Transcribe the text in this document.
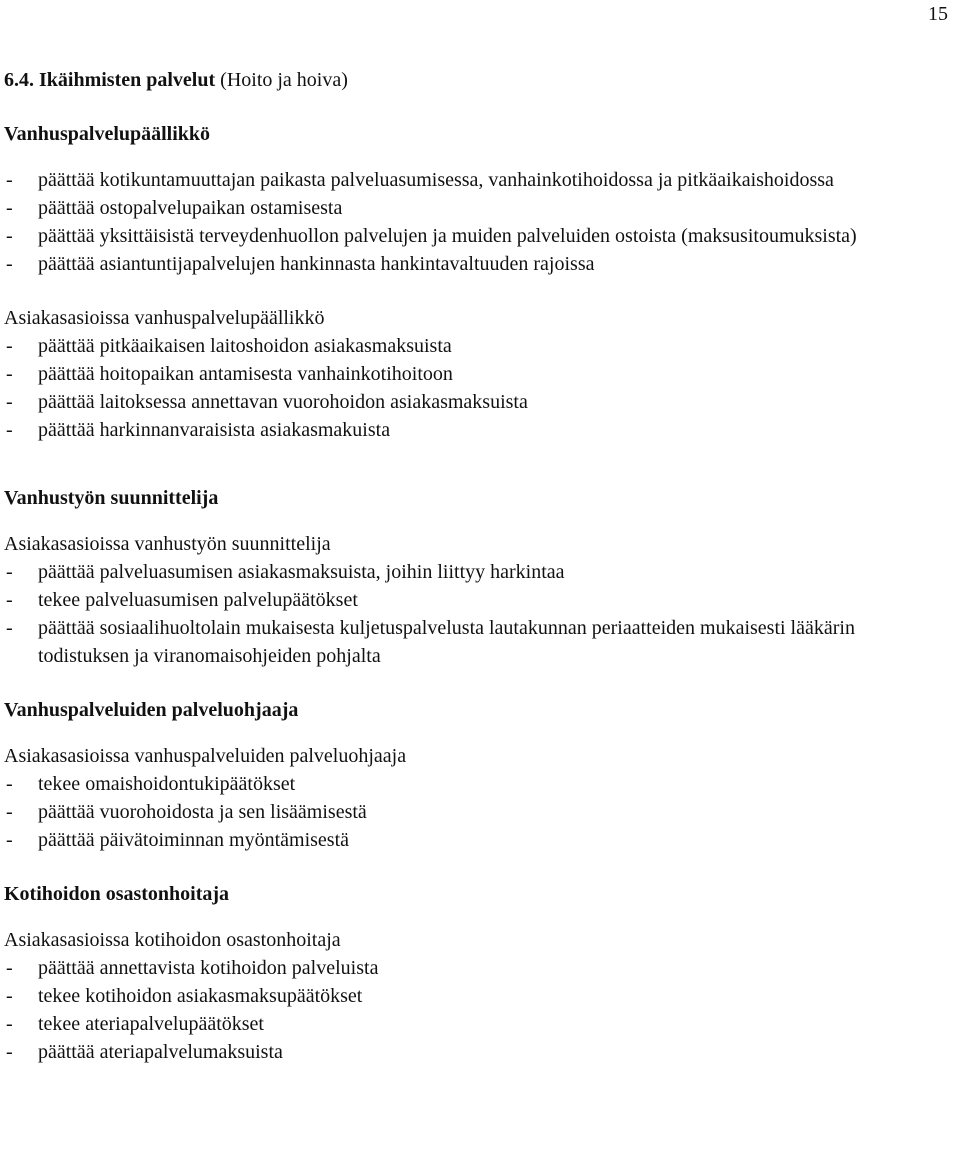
15
6.4. Ikäihmisten palvelut (Hoito ja hoiva)

Vanhuspalvelupäällikkö

- päättää kotikuntamuuttajan paikasta palveluasumisessa, vanhainkotihoidossa ja pitkäaikaishoidossa
- päättää ostopalvelupaikan ostamisesta
- päättää yksittäisistä terveydenhuollon palvelujen ja muiden palveluiden ostoista (maksusitoumuksista)
- päättää asiantuntijapalvelujen hankinnasta hankintavaltuuden rajoissa

Asiakasasioissa vanhuspalvelupäällikkö

- päättää pitkäaikaisen laitoshoidon asiakasmaksuista
- päättää hoitopaikan antamisesta vanhainkotihoitoon
- päättää laitoksessa annettavan vuorohoidon asiakasmaksuista
- päättää harkinnanvaraisista asiakasmakuista

Vanhustyön suunnittelija

Asiakasasioissa vanhustyön suunnittelija

- päättää palveluasumisen asiakasmaksuista, joihin liittyy harkintaa
- tekee palveluasumisen palvelupäätökset
- päättää sosiaalihuoltolain mukaisesta kuljetuspalvelusta lautakunnan periaatteiden mukaisesti lääkärin todistuksen ja viranomaisohjeiden pohjalta

Vanhuspalveluiden palveluohjaaja

Asiakasasioissa vanhuspalveluiden palveluohjaaja

- tekee omaishoidontukipäätökset
- päättää vuorohoidosta ja sen lisäämisestä
- päättää päivätoiminnan myöntämisestä

Kotihoidon osastonhoitaja

Asiakasasioissa kotihoidon osastonhoitaja

- päättää annettavista kotihoidon palveluista
- tekee kotihoidon asiakasmaksupäätökset
- tekee ateriapalvelupäätökset
- päättää ateriapalvelumaksuista
